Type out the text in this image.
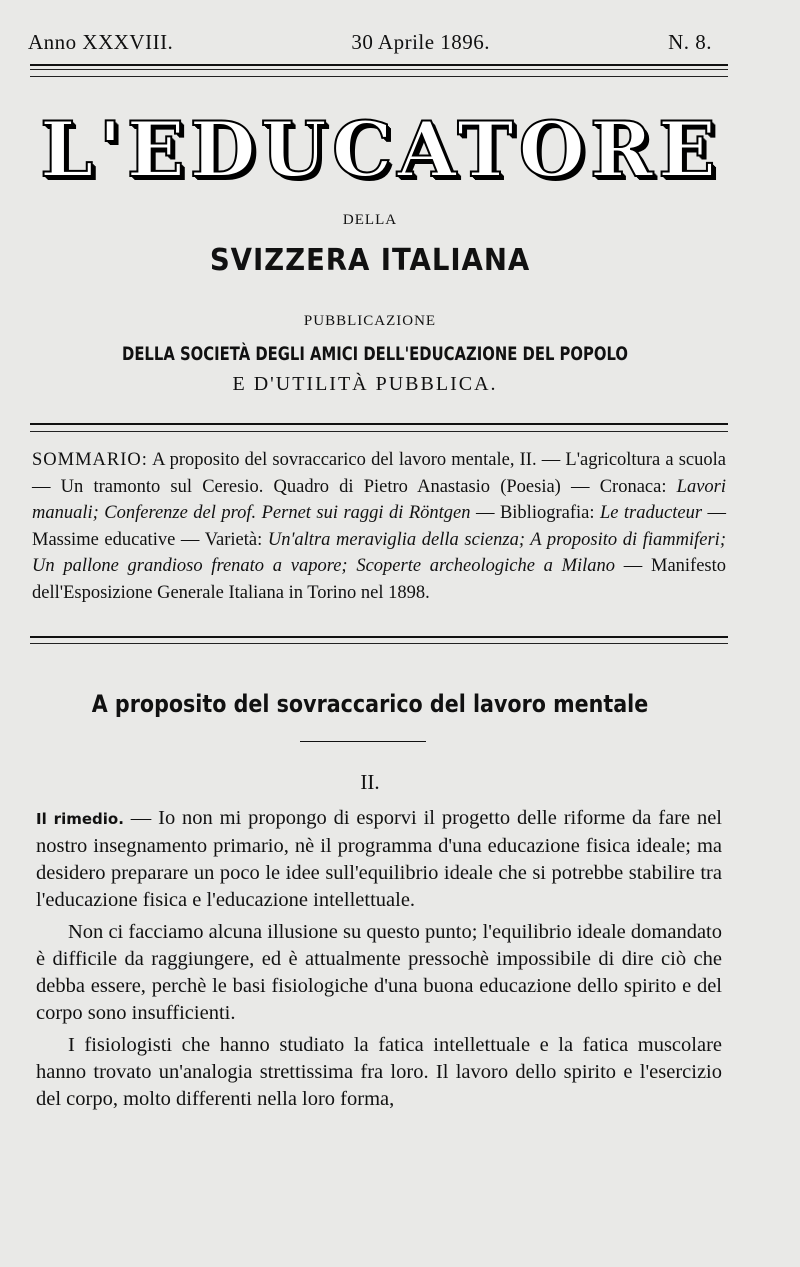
Anno XXXVIII.	30 Aprile 1896.	N. 8.
L'EDUCATORE
DELLA
SVIZZERA ITALIANA
PUBBLICAZIONE
DELLA SOCIETÀ DEGLI AMICI DELL'EDUCAZIONE DEL POPOLO
E D'UTILITÀ PUBBLICA.
SOMMARIO: A proposito del sovraccarico del lavoro mentale, II. — L'agricoltura a scuola — Un tramonto sul Ceresio. Quadro di Pietro Anastasio (Poesia) — Cronaca: Lavori manuali; Conferenze del prof. Pernet sui raggi di Röntgen — Bibliografia: Le traducteur — Massime educative — Varietà: Un'altra meraviglia della scienza; A proposito di fiammiferi; Un pallone grandioso frenato a vapore; Scoperte archeologiche a Milano — Manifesto dell'Esposizione Generale Italiana in Torino nel 1898.
A proposito del sovraccarico del lavoro mentale
II.

Il rimedio. — Io non mi propongo di esporvi il progetto delle riforme da fare nel nostro insegnamento primario, nè il programma d'una educazione fisica ideale; ma desidero preparare un poco le idee sull'equilibrio ideale che si potrebbe stabilire tra l'educazione fisica e l'educazione intellettuale.

Non ci facciamo alcuna illusione su questo punto; l'equilibrio ideale domandato è difficile da raggiungere, ed è attualmente pressochè impossibile di dire ciò che debba essere, perchè le basi fisiologiche d'una buona educazione dello spirito e del corpo sono insufficienti.

I fisiologisti che hanno studiato la fatica intellettuale e la fatica muscolare hanno trovato un'analogia strettissima fra loro. Il lavoro dello spirito e l'esercizio del corpo, molto differenti nella loro forma,
